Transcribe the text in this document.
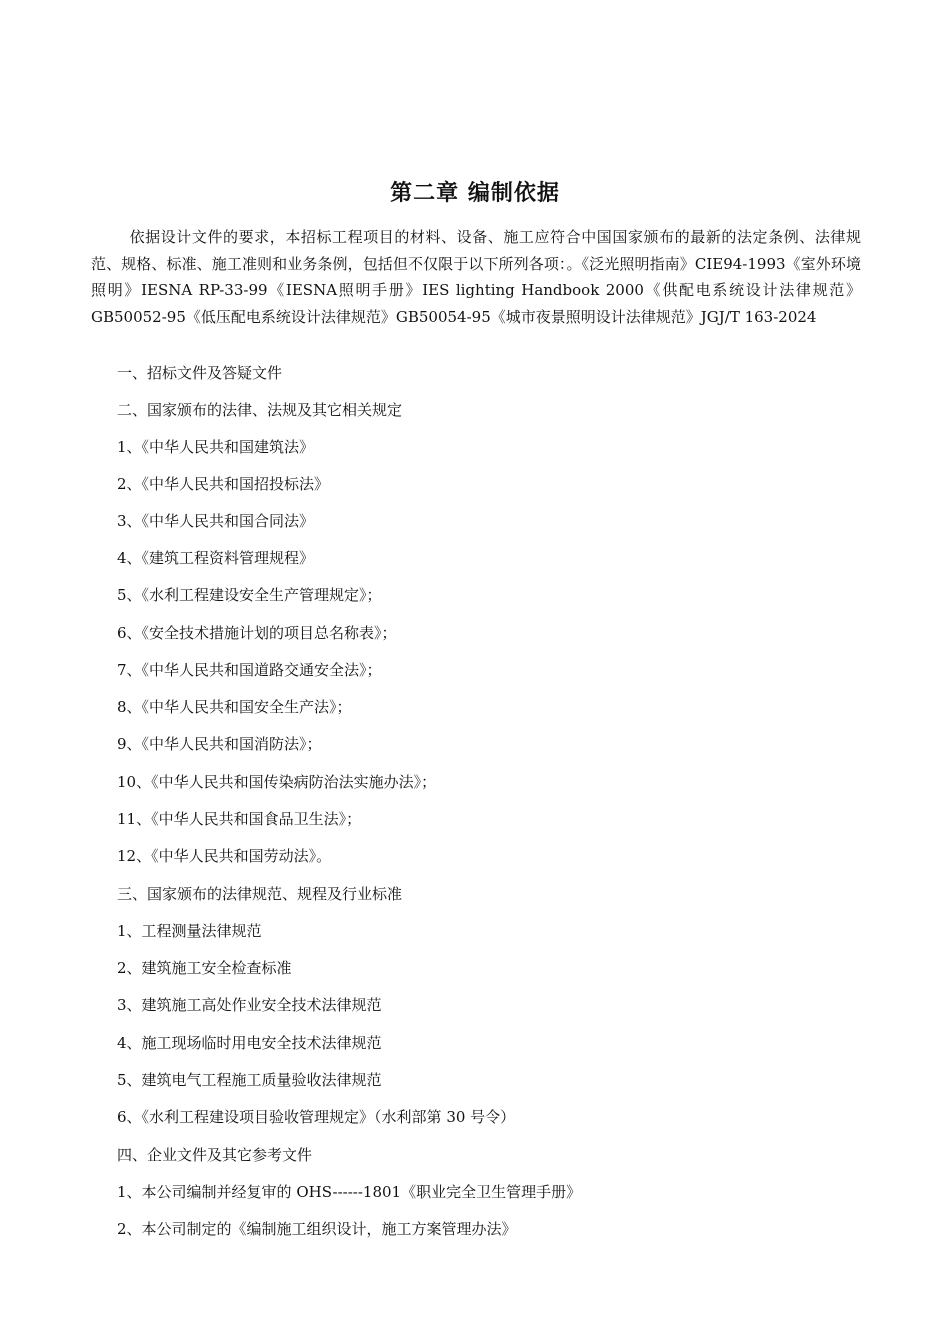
第二章 编制依据

依据设计文件的要求，本招标工程项目的材料、设备、施工应符合中国国家颁布的最新的法定条例、法律规范、规格、标准、施工准则和业务条例，包括但不仅限于以下所列各项：。《泛光照明指南》CIE94-1993《室外环境照明》IESNA RP-33-99《IESNA照明手册》IES lighting Handbook 2000《供配电系统设计法律规范》GB50052-95《低压配电系统设计法律规范》GB50054-95《城市夜景照明设计法律规范》JGJ/T 163-2024

一、招标文件及答疑文件
二、国家颁布的法律、法规及其它相关规定
1、《中华人民共和国建筑法》
2、《中华人民共和国招投标法》
3、《中华人民共和国合同法》
4、《建筑工程资料管理规程》
5、《水利工程建设安全生产管理规定》；
6、《安全技术措施计划的项目总名称表》；
7、《中华人民共和国道路交通安全法》；
8、《中华人民共和国安全生产法》；
9、《中华人民共和国消防法》；
10、《中华人民共和国传染病防治法实施办法》；
11、《中华人民共和国食品卫生法》；
12、《中华人民共和国劳动法》。
三、国家颁布的法律规范、规程及行业标准
1、工程测量法律规范
2、建筑施工安全检查标准
3、建筑施工高处作业安全技术法律规范
4、施工现场临时用电安全技术法律规范
5、建筑电气工程施工质量验收法律规范
6、《水利工程建设项目验收管理规定》（水利部第 30 号令）
四、企业文件及其它参考文件
1、本公司编制并经复审的 OHS------1801《职业完全卫生管理手册》
2、本公司制定的《编制施工组织设计，施工方案管理办法》
